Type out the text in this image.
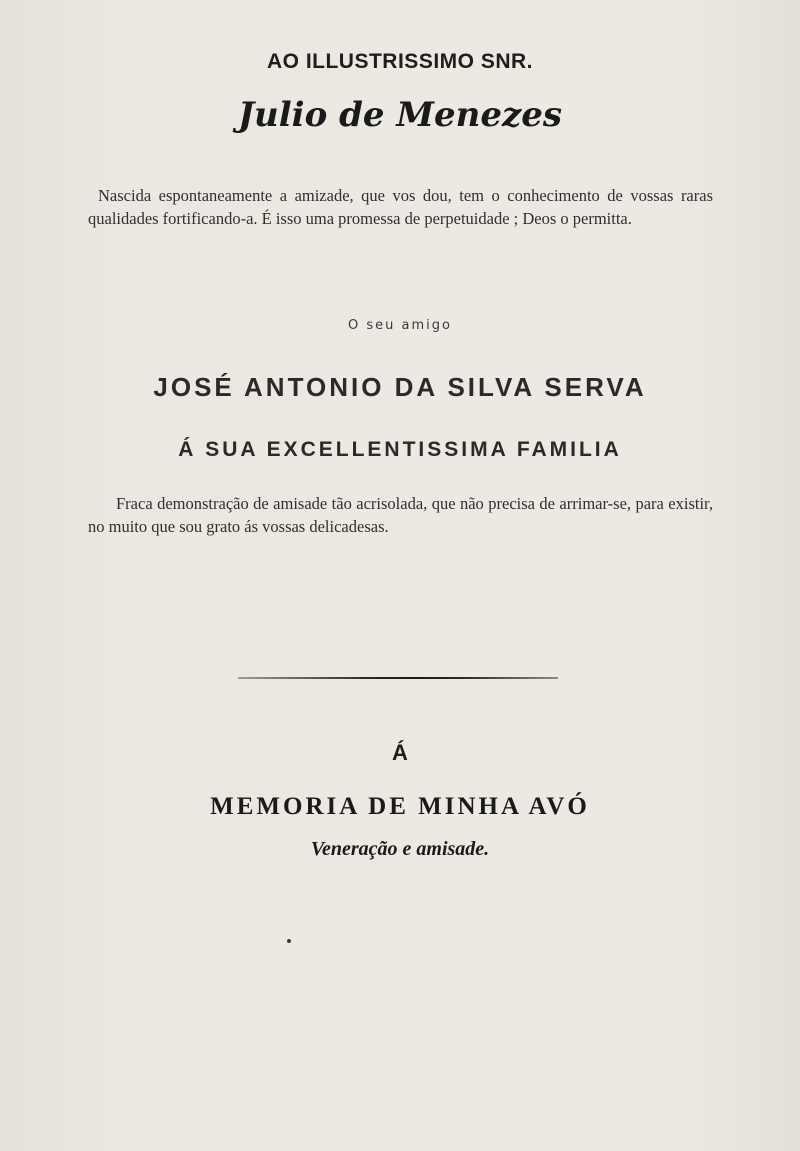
AO ILLUSTRISSIMO SNR.
Julio de Menezes
Nascida espontaneamente a amizade, que vos dou, tem o conhecimento de vossas raras qualidades fortificando-a. É isso uma promessa de perpetuidade ; Deos o permitta.
O seu amigo
JOSÉ ANTONIO DA SILVA SERVA
Á SUA EXCELLENTISSIMA FAMILIA
Fraca demonstração de amisade tão acrisolada, que não precisa de arrimar-se, para existir, no muito que sou grato ás vossas delicadesas.
Á
MEMORIA DE MINHA AVÓ
Veneração e amisade.
